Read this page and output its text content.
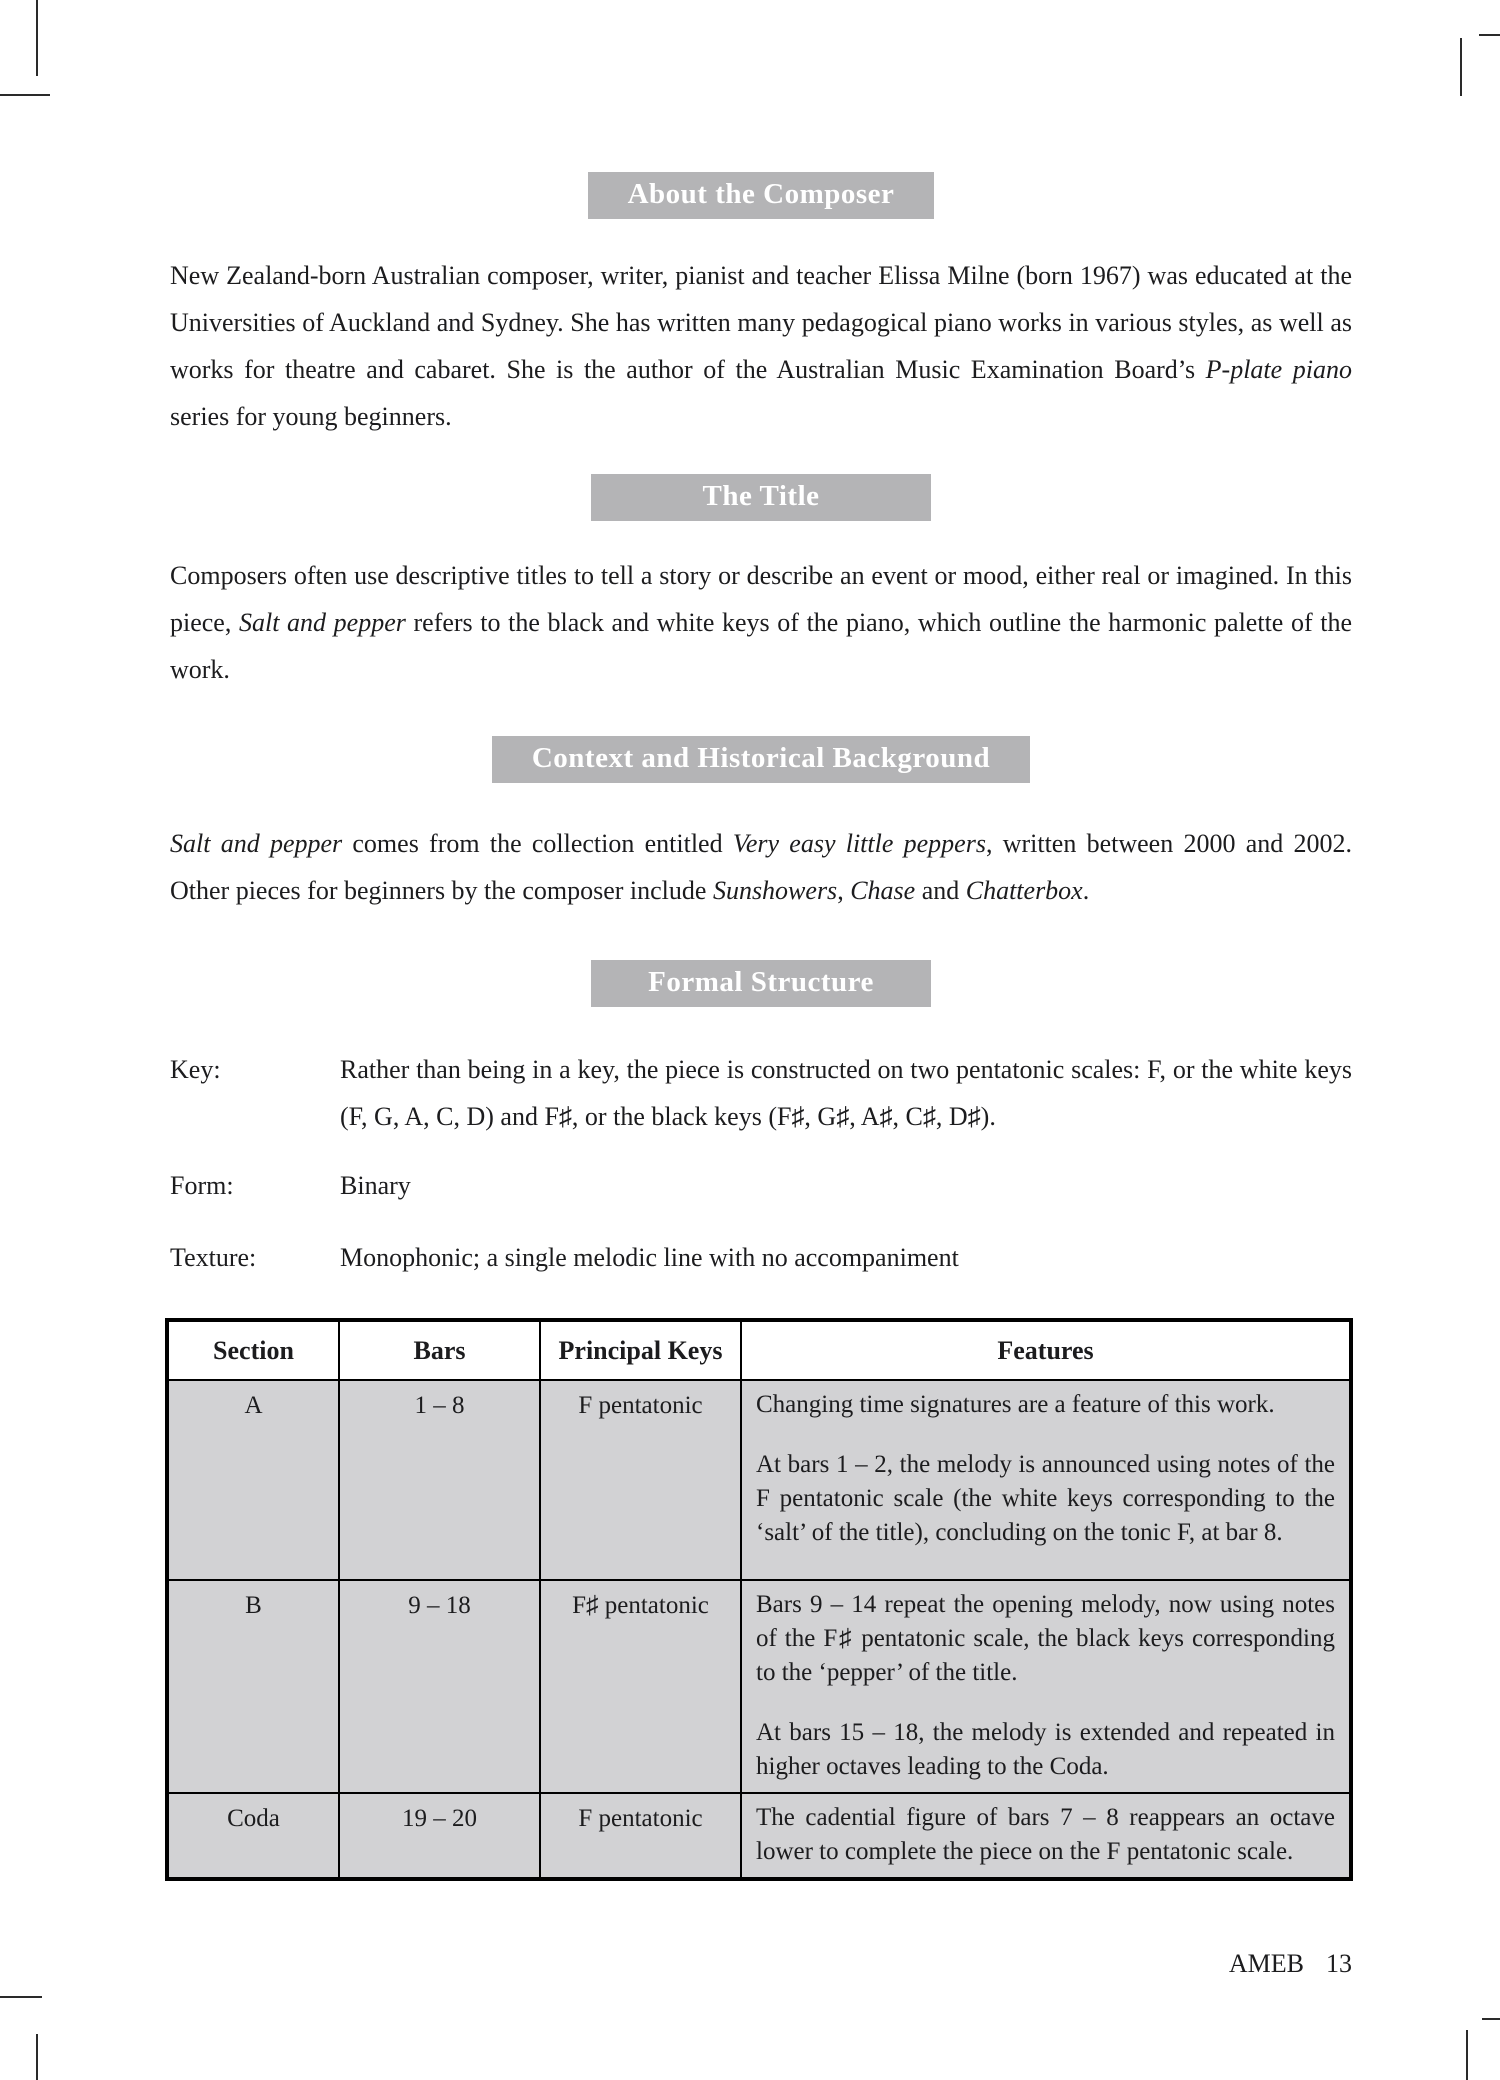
About the Composer
New Zealand-born Australian composer, writer, pianist and teacher Elissa Milne (born 1967) was educated at the Universities of Auckland and Sydney. She has written many pedagogical piano works in various styles, as well as works for theatre and cabaret. She is the author of the Australian Music Examination Board’s P-plate piano series for young beginners.
The Title
Composers often use descriptive titles to tell a story or describe an event or mood, either real or imagined. In this piece, Salt and pepper refers to the black and white keys of the piano, which outline the harmonic palette of the work.
Context and Historical Background
Salt and pepper comes from the collection entitled Very easy little peppers, written between 2000 and 2002. Other pieces for beginners by the composer include Sunshowers, Chase and Chatterbox.
Formal Structure
Key:	Rather than being in a key, the piece is constructed on two pentatonic scales: F, or the white keys (F, G, A, C, D) and F♯, or the black keys (F♯, G♯, A♯, C♯, D♯).
Form:	Binary
Texture:	Monophonic; a single melodic line with no accompaniment
Section	Bars	Principal Keys	Features
A	1 – 8	F pentatonic	Changing time signatures are a feature of this work.

At bars 1 – 2, the melody is announced using notes of the F pentatonic scale (the white keys corresponding to the ‘salt’ of the title), concluding on the tonic F, at bar 8.

B	9 – 18	F♯ pentatonic	Bars 9 – 14 repeat the opening melody, now using notes of the F♯ pentatonic scale, the black keys corresponding to the ‘pepper’ of the title.

At bars 15 – 18, the melody is extended and repeated in higher octaves leading to the Coda.

Coda	19 – 20	F pentatonic	The cadential figure of bars 7 – 8 reappears an octave lower to complete the piece on the F pentatonic scale.

AMEB 13
